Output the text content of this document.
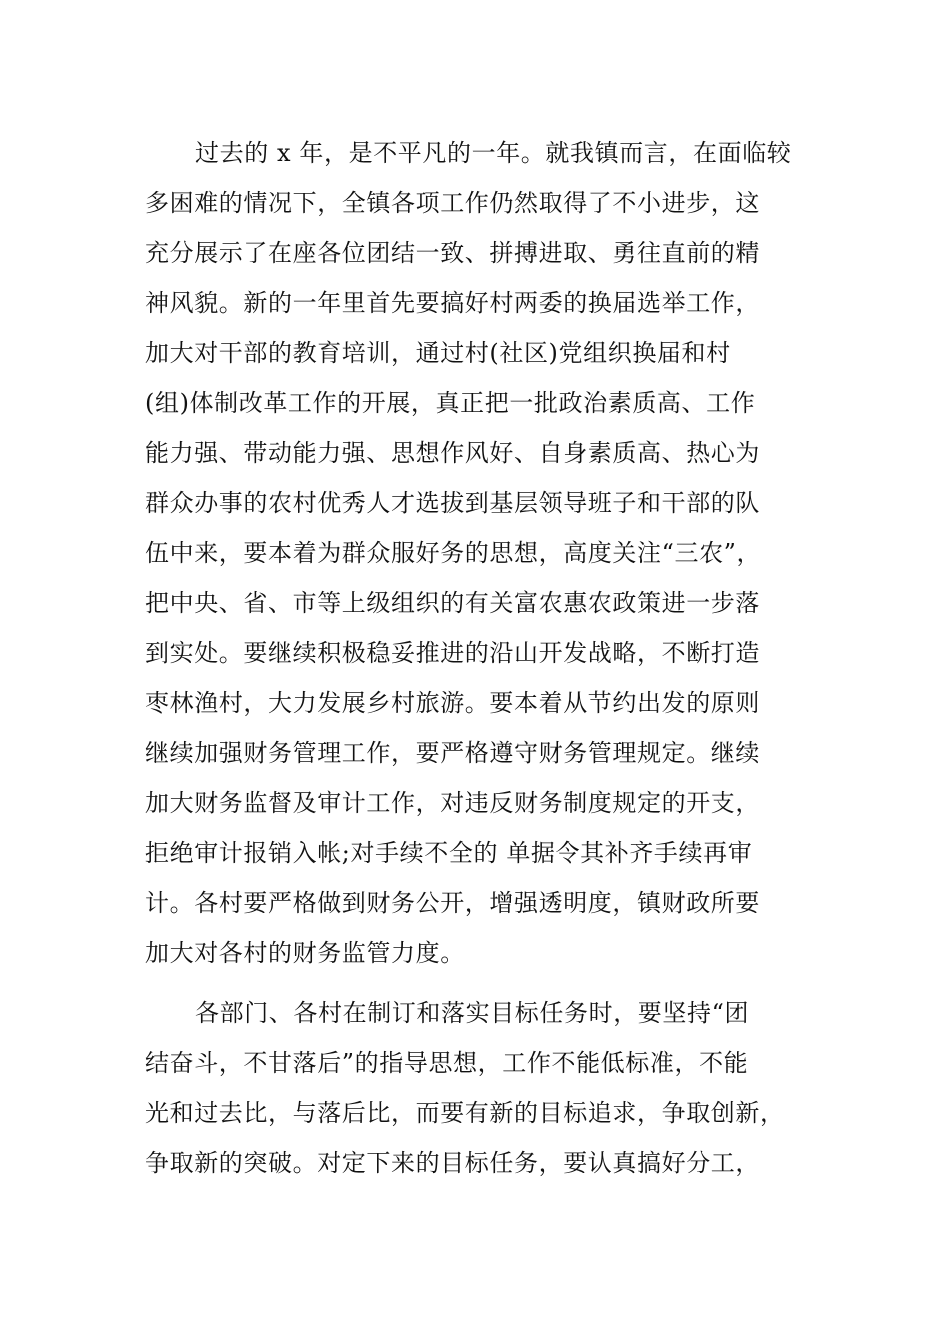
过去的 x 年，是不平凡的一年。就我镇而言，在面临较
多困难的情况下，全镇各项工作仍然取得了不小进步，这
充分展示了在座各位团结一致、拼搏进取、勇往直前的精
神风貌。新的一年里首先要搞好村两委的换届选举工作，
加大对干部的教育培训，通过村(社区)党组织换届和村
(组)体制改革工作的开展，真正把一批政治素质高、工作
能力强、带动能力强、思想作风好、自身素质高、热心为
群众办事的农村优秀人才选拔到基层领导班子和干部的队
伍中来，要本着为群众服好务的思想，高度关注“三农”，
把中央、省、市等上级组织的有关富农惠农政策进一步落
到实处。要继续积极稳妥推进的沿山开发战略，不断打造
枣林渔村，大力发展乡村旅游。要本着从节约出发的原则
继续加强财务管理工作，要严格遵守财务管理规定。继续
加大财务监督及审计工作，对违反财务制度规定的开支，
拒绝审计报销入帐;对手续不全的 单据令其补齐手续再审
计。各村要严格做到财务公开，增强透明度，镇财政所要
加大对各村的财务监管力度。
各部门、各村在制订和落实目标任务时，要坚持“团
结奋斗，不甘落后”的指导思想，工作不能低标准，不能
光和过去比，与落后比，而要有新的目标追求，争取创新，
争取新的突破。对定下来的目标任务，要认真搞好分工，
